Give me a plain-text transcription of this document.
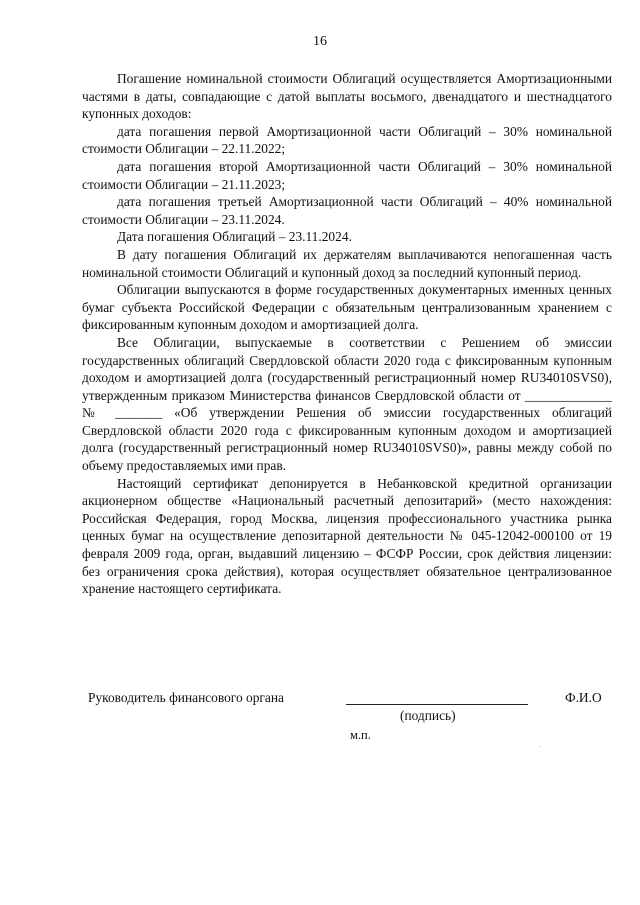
16

Погашение номинальной стоимости Облигаций осуществляется Амортизационными частями в даты, совпадающие с датой выплаты восьмого, двенадцатого и шестнадцатого купонных доходов:

дата погашения первой Амортизационной части Облигаций – 30% номинальной стоимости Облигации – 22.11.2022;

дата погашения второй Амортизационной части Облигаций – 30% номинальной стоимости Облигации – 21.11.2023;

дата погашения третьей Амортизационной части Облигаций – 40% номинальной стоимости Облигации – 23.11.2024.

Дата погашения Облигаций – 23.11.2024.

В дату погашения Облигаций их держателям выплачиваются непогашенная часть номинальной стоимости Облигаций и купонный доход за последний купонный период.

Облигации выпускаются в форме государственных документарных именных ценных бумаг субъекта Российской Федерации с обязательным централизованным хранением с фиксированным купонным доходом и амортизацией долга.

Все Облигации, выпускаемые в соответствии с Решением об эмиссии государственных облигаций Свердловской области 2020 года с фиксированным купонным доходом и амортизацией долга (государственный регистрационный номер RU34010SVS0), утвержденным приказом Министерства финансов Свердловской области от _____________ № _______ «Об утверждении Решения об эмиссии государственных облигаций Свердловской области 2020 года с фиксированным купонным доходом и амортизацией долга (государственный регистрационный номер RU34010SVS0)», равны между собой по объему предоставляемых ими прав.

Настоящий сертификат депонируется в Небанковской кредитной организации акционерном обществе «Национальный расчетный депозитарий» (место нахождения: Российская Федерация, город Москва, лицензия профессионального участника рынка ценных бумаг на осуществление депозитарной деятельности № 045-12042-000100 от 19 февраля 2009 года, орган, выдавший лицензию – ФСФР России, срок действия лицензии: без ограничения срока действия), которая осуществляет обязательное централизованное хранение настоящего сертификата.

Руководитель финансового органа	Ф.И.О
(подпись)
м.п.
